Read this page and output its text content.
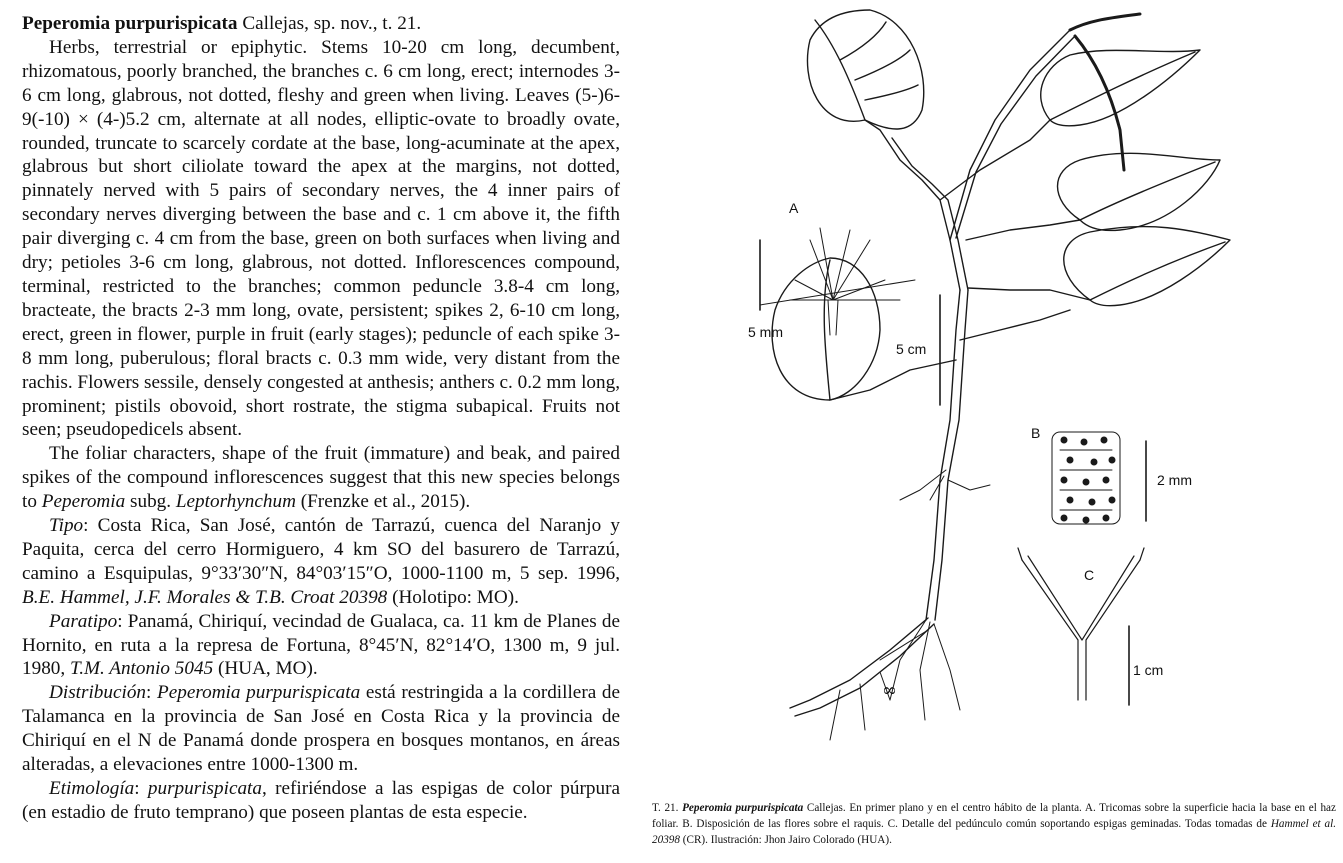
Peperomia purpurispicata Callejas, sp. nov., t. 21.

Herbs, terrestrial or epiphytic. Stems 10-20 cm long, decumbent, rhizomatous, poorly branched, the branches c. 6 cm long, erect; internodes 3-6 cm long, glabrous, not dotted, fleshy and green when living. Leaves (5-)6-9(-10) × (4-)5.2 cm, alternate at all nodes, elliptic-ovate to broadly ovate, rounded, truncate to scarcely cordate at the base, long-acuminate at the apex, glabrous but short ciliolate toward the apex at the margins, not dotted, pinnately nerved with 5 pairs of secondary nerves, the 4 inner pairs of secondary nerves diverging between the base and c. 1 cm above it, the fifth pair diverging c. 4 cm from the base, green on both surfaces when living and dry; petioles 3-6 cm long, glabrous, not dotted. Inflorescences compound, terminal, restricted to the branches; common peduncle 3.8-4 cm long, bracteate, the bracts 2-3 mm long, ovate, persistent; spikes 2, 6-10 cm long, erect, green in flower, purple in fruit (early stages); peduncle of each spike 3-8 mm long, puberulous; floral bracts c. 0.3 mm wide, very distant from the rachis. Flowers sessile, densely congested at anthesis; anthers c. 0.2 mm long, prominent; pistils obovoid, short rostrate, the stigma subapical. Fruits not seen; pseudopedicels absent.

The foliar characters, shape of the fruit (immature) and beak, and paired spikes of the compound inflorescences suggest that this new species belongs to Peperomia subg. Leptorhynchum (Frenzke et al., 2015).

Tipo: Costa Rica, San José, cantón de Tarrazú, cuenca del Naranjo y Paquita, cerca del cerro Hormiguero, 4 km SO del basurero de Tarrazú, camino a Esquipulas, 9°33′30″N, 84°03′15″O, 1000-1100 m, 5 sep. 1996, B.E. Hammel, J.F. Morales & T.B. Croat 20398 (Holotipo: MO).

Paratipo: Panamá, Chiriquí, vecindad de Gualaca, ca. 11 km de Planes de Hornito, en ruta a la represa de Fortuna, 8°45′N, 82°14′O, 1300 m, 9 jul. 1980, T.M. Antonio 5045 (HUA, MO).

Distribución: Peperomia purpurispicata está restringida a la cordillera de Talamanca en la provincia de San José en Costa Rica y la provincia de Chiriquí en el N de Panamá donde prospera en bosques montanos, en áreas alteradas, a elevaciones entre 1000-1300 m.

Etimología: purpurispicata, refiriéndose a las espigas de color púrpura (en estadio de fruto temprano) que poseen plantas de esta especie.

A
B
C
5 mm
5 cm
2 mm
1 cm
∞
T. 21. Peperomia purpurispicata Callejas. En primer plano y en el centro hábito de la planta. A. Tricomas sobre la superficie hacia la base en el haz foliar. B. Disposición de las flores sobre el raquis. C. Detalle del pedúnculo común soportando espigas geminadas. Todas tomadas de Hammel et al. 20398 (CR). Ilustración: Jhon Jairo Colorado (HUA).
